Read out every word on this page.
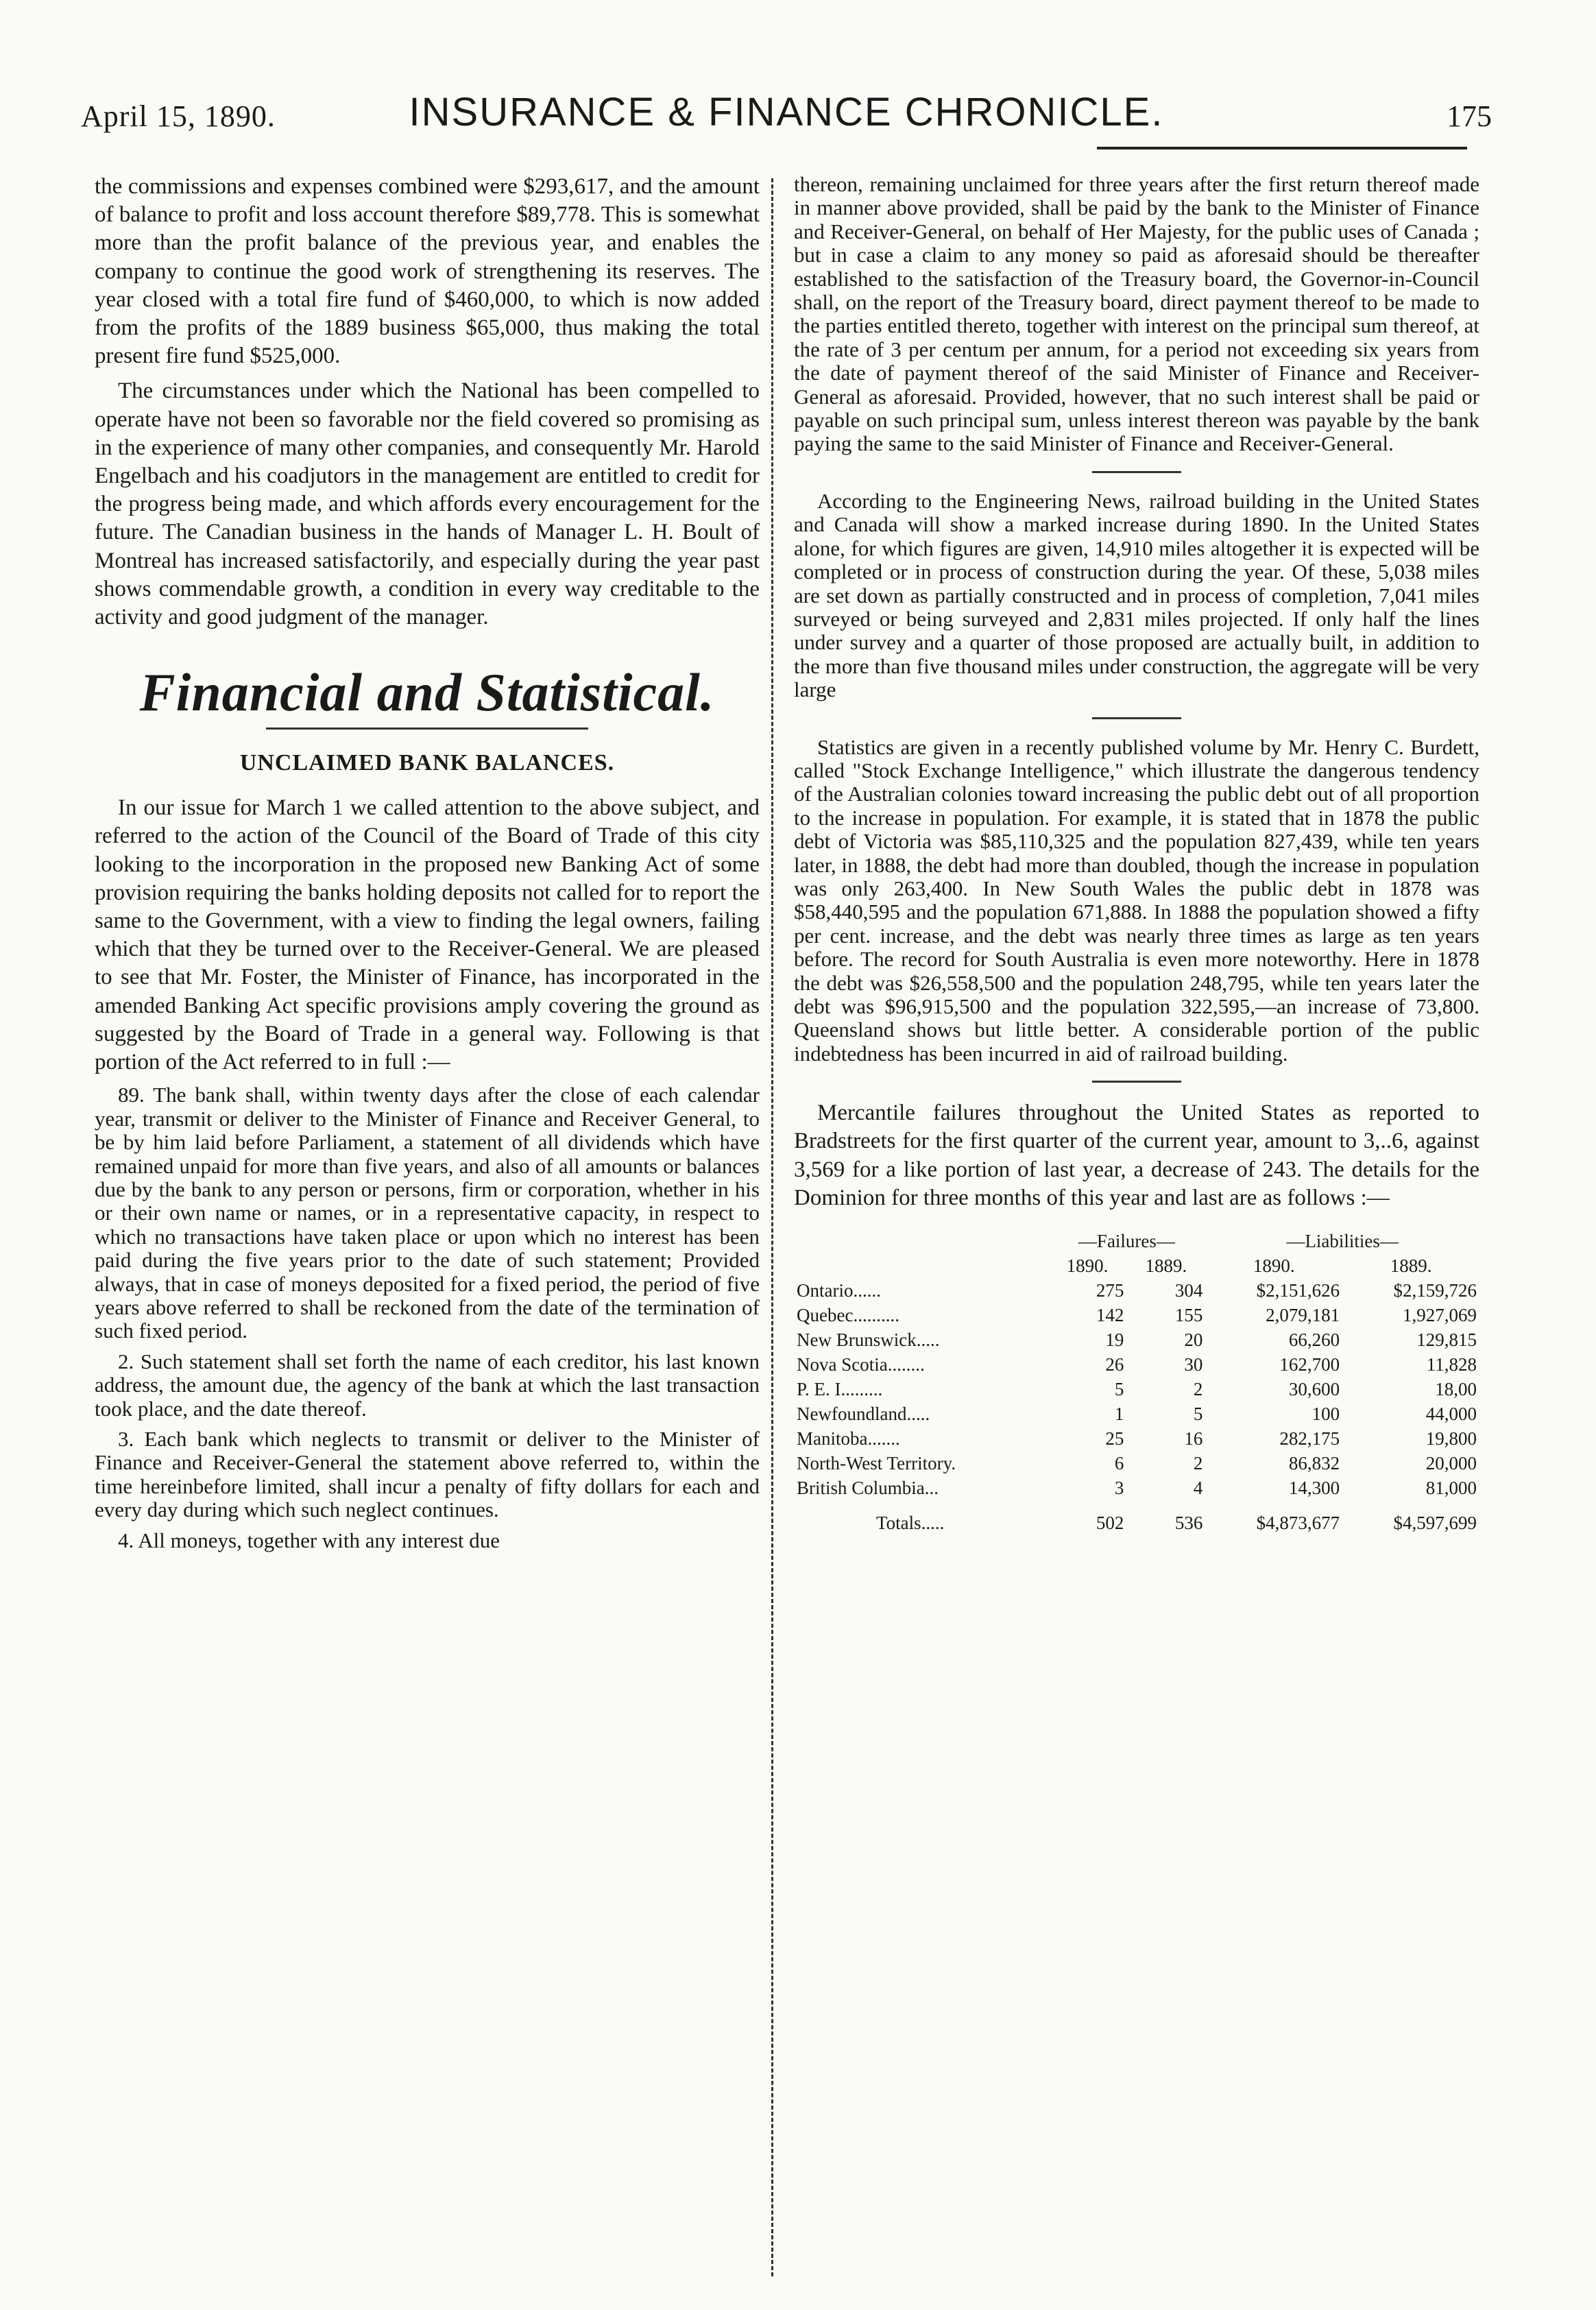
April 15, 1890.	INSURANCE & FINANCE CHRONICLE.	175

the commissions and expenses combined were $293,617, and the amount of balance to profit and loss account therefore $89,778. This is somewhat more than the profit balance of the previous year, and enables the company to continue the good work of strengthening its reserves. The year closed with a total fire fund of $460,000, to which is now added from the profits of the 1889 business $65,000, thus making the total present fire fund $525,000.

The circumstances under which the National has been compelled to operate have not been so favorable nor the field covered so promising as in the experience of many other companies, and consequently Mr. Harold Engelbach and his coadjutors in the management are entitled to credit for the progress being made, and which affords every encouragement for the future. The Canadian business in the hands of Manager L. H. Boult of Montreal has increased satisfactorily, and especially during the year past shows commendable growth, a condition in every way creditable to the activity and good judgment of the manager.

Financial and Statistical.
UNCLAIMED BANK BALANCES.

In our issue for March 1 we called attention to the above subject, and referred to the action of the Council of the Board of Trade of this city looking to the incorporation in the proposed new Banking Act of some provision requiring the banks holding deposits not called for to report the same to the Government, with a view to finding the legal owners, failing which that they be turned over to the Receiver-General. We are pleased to see that Mr. Foster, the Minister of Finance, has incorporated in the amended Banking Act specific provisions amply covering the ground as suggested by the Board of Trade in a general way. Following is that portion of the Act referred to in full :—

89. The bank shall, within twenty days after the close of each calendar year, transmit or deliver to the Minister of Finance and Receiver General, to be by him laid before Parliament, a statement of all dividends which have remained unpaid for more than five years, and also of all amounts or balances due by the bank to any person or persons, firm or corporation, whether in his or their own name or names, or in a representative capacity, in respect to which no transactions have taken place or upon which no interest has been paid during the five years prior to the date of such statement; Provided always, that in case of moneys deposited for a fixed period, the period of five years above referred to shall be reckoned from the date of the termination of such fixed period.

2. Such statement shall set forth the name of each creditor, his last known address, the amount due, the agency of the bank at which the last transaction took place, and the date thereof.

3. Each bank which neglects to transmit or deliver to the Minister of Finance and Receiver-General the statement above referred to, within the time hereinbefore limited, shall incur a penalty of fifty dollars for each and every day during which such neglect continues.

4. All moneys, together with any interest due

thereon, remaining unclaimed for three years after the first return thereof made in manner above provided, shall be paid by the bank to the Minister of Finance and Receiver-General, on behalf of Her Majesty, for the public uses of Canada ; but in case a claim to any money so paid as aforesaid should be thereafter established to the satisfaction of the Treasury board, the Governor-in-Council shall, on the report of the Treasury board, direct payment thereof to be made to the parties entitled thereto, together with interest on the principal sum thereof, at the rate of 3 per centum per annum, for a period not exceeding six years from the date of payment thereof of the said Minister of Finance and Receiver-General as aforesaid. Provided, however, that no such interest shall be paid or payable on such principal sum, unless interest thereon was payable by the bank paying the same to the said Minister of Finance and Receiver-General.

According to the Engineering News, railroad building in the United States and Canada will show a marked increase during 1890. In the United States alone, for which figures are given, 14,910 miles altogether it is expected will be completed or in process of construction during the year. Of these, 5,038 miles are set down as partially constructed and in process of completion, 7,041 miles surveyed or being surveyed and 2,831 miles projected. If only half the lines under survey and a quarter of those proposed are actually built, in addition to the more than five thousand miles under construction, the aggregate will be very large

Statistics are given in a recently published volume by Mr. Henry C. Burdett, called "Stock Exchange Intelligence," which illustrate the dangerous tendency of the Australian colonies toward increasing the public debt out of all proportion to the increase in population. For example, it is stated that in 1878 the public debt of Victoria was $85,110,325 and the population 827,439, while ten years later, in 1888, the debt had more than doubled, though the increase in population was only 263,400. In New South Wales the public debt in 1878 was $58,440,595 and the population 671,888. In 1888 the population showed a fifty per cent. increase, and the debt was nearly three times as large as ten years before. The record for South Australia is even more noteworthy. Here in 1878 the debt was $26,558,500 and the population 248,795, while ten years later the debt was $96,915,500 and the population 322,595,—an increase of 73,800. Queensland shows but little better. A considerable portion of the public indebtedness has been incurred in aid of railroad building.

Mercantile failures throughout the United States as reported to Bradstreets for the first quarter of the current year, amount to 3,..6, against 3,569 for a like portion of last year, a decrease of 243. The details for the Dominion for three months of this year and last are as follows :—

	—Failures—		—Liabilities—	
	1890.	1889.	1890.	1889.
Ontario......	275	304	$2,151,626	$2,159,726
Quebec..........	142	155	2,079,181	1,927,069
New Brunswick.....	19	20	66,260	129,815
Nova Scotia........	26	30	162,700	11,828
P. E. I.........	5	2	30,600	18,00
Newfoundland.....	1	5	100	44,000
Manitoba.......	25	16	282,175	19,800
North-West Territory.	6	2	86,832	20,000
British Columbia...	3	4	14,300	81,000
Totals.....	502	536	$4,873,677	$4,597,699
